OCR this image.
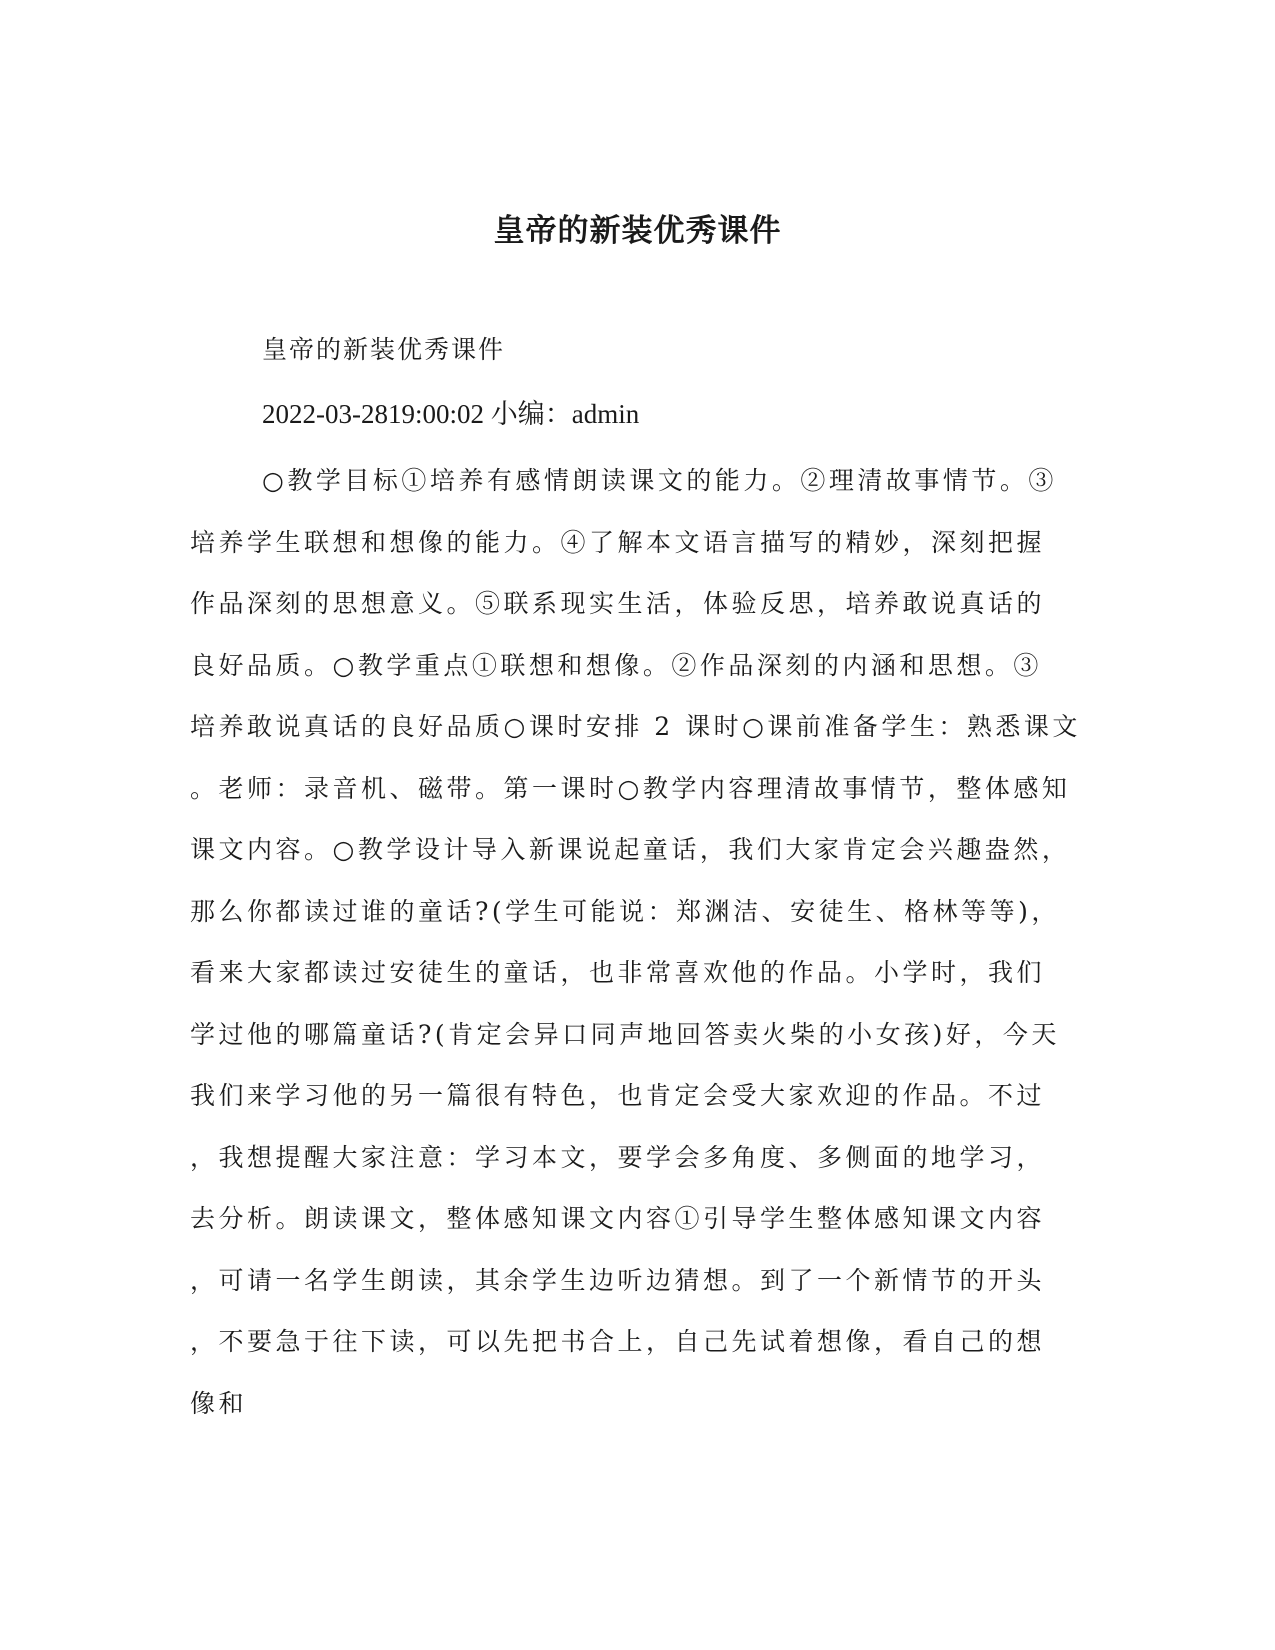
皇帝的新装优秀课件

皇帝的新装优秀课件

2022-03-2819:00:02 小编：admin

○教学目标①培养有感情朗读课文的能力。②理清故事情节。③
培养学生联想和想像的能力。④了解本文语言描写的精妙，深刻把握
作品深刻的思想意义。⑤联系现实生活，体验反思，培养敢说真话的
良好品质。○教学重点①联想和想像。②作品深刻的内涵和思想。③
培养敢说真话的良好品质○课时安排 2 课时○课前准备学生：熟悉课文
。老师：录音机、磁带。第一课时○教学内容理清故事情节，整体感知
课文内容。○教学设计导入新课说起童话，我们大家肯定会兴趣盎然，
那么你都读过谁的童话?(学生可能说：郑渊洁、安徒生、格林等等)，
看来大家都读过安徒生的童话，也非常喜欢他的作品。小学时，我们
学过他的哪篇童话?(肯定会异口同声地回答卖火柴的小女孩)好，今天
我们来学习他的另一篇很有特色，也肯定会受大家欢迎的作品。不过
，我想提醒大家注意：学习本文，要学会多角度、多侧面的地学习，
去分析。朗读课文，整体感知课文内容①引导学生整体感知课文内容
，可请一名学生朗读，其余学生边听边猜想。到了一个新情节的开头
，不要急于往下读，可以先把书合上，自己先试着想像，看自己的想
像和
